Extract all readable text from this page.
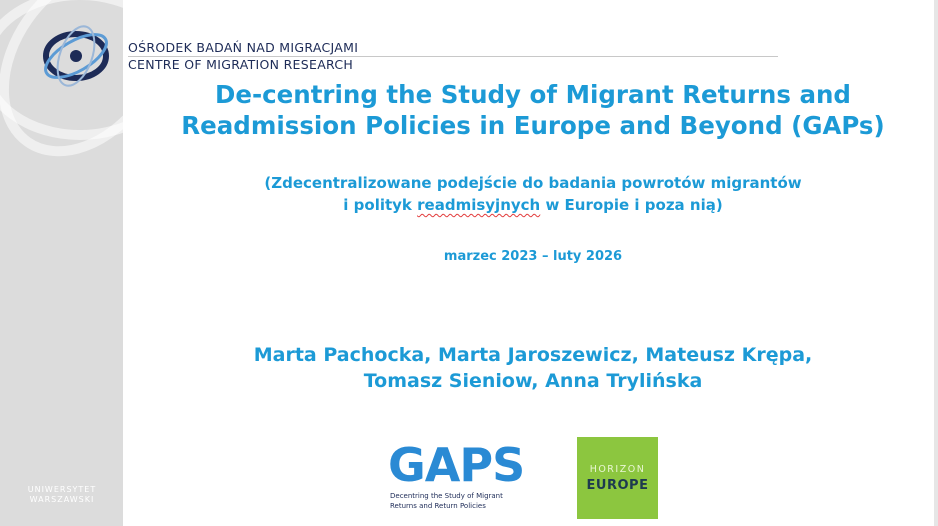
UNIWERSYTET
WARSZAWSKI
OŚRODEK BADAŃ NAD MIGRACJAMI
CENTRE OF MIGRATION RESEARCH
De-centring the Study of Migrant Returns and
Readmission Policies in Europe and Beyond (GAPs)
(Zdecentralizowane podejście do badania powrotów migrantów
i polityk readmisyjnych w Europie i poza nią)
marzec 2023 – luty 2026
Marta Pachocka, Marta Jaroszewicz, Mateusz Krępa,
Tomasz Sieniow, Anna Trylińska
GAPS
Decentring the Study of Migrant
Returns and Return Policies
HORIZON
EUROPE
